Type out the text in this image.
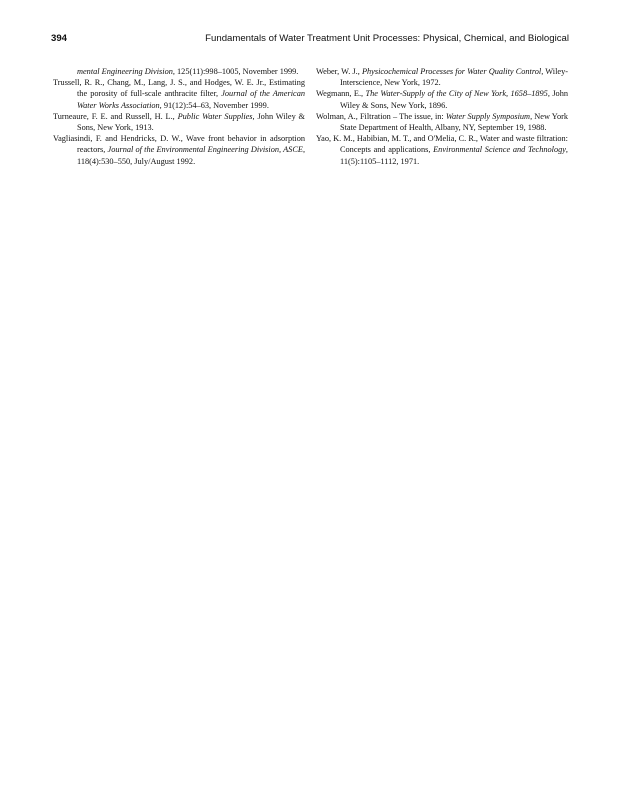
394	Fundamentals of Water Treatment Unit Processes: Physical, Chemical, and Biological
mental Engineering Division, 125(11):998–1005, November 1999.
Trussell, R. R., Chang, M., Lang, J. S., and Hodges, W. E. Jr., Estimating the porosity of full-scale anthracite filter, Journal of the American Water Works Association, 91(12):54–63, November 1999.
Turneaure, F. E. and Russell, H. L., Public Water Supplies, John Wiley & Sons, New York, 1913.
Vagliasindi, F. and Hendricks, D. W., Wave front behavior in adsorption reactors, Journal of the Environmental Engineering Division, ASCE, 118(4):530–550, July/August 1992.
Weber, W. J., Physicochemical Processes for Water Quality Control, Wiley-Interscience, New York, 1972.
Wegmann, E., The Water-Supply of the City of New York, 1658–1895, John Wiley & Sons, New York, 1896.
Wolman, A., Filtration – The issue, in: Water Supply Symposium, New York State Department of Health, Albany, NY, September 19, 1988.
Yao, K. M., Habibian, M. T., and O'Melia, C. R., Water and waste filtration: Concepts and applications, Environmental Science and Technology, 11(5):1105–1112, 1971.
